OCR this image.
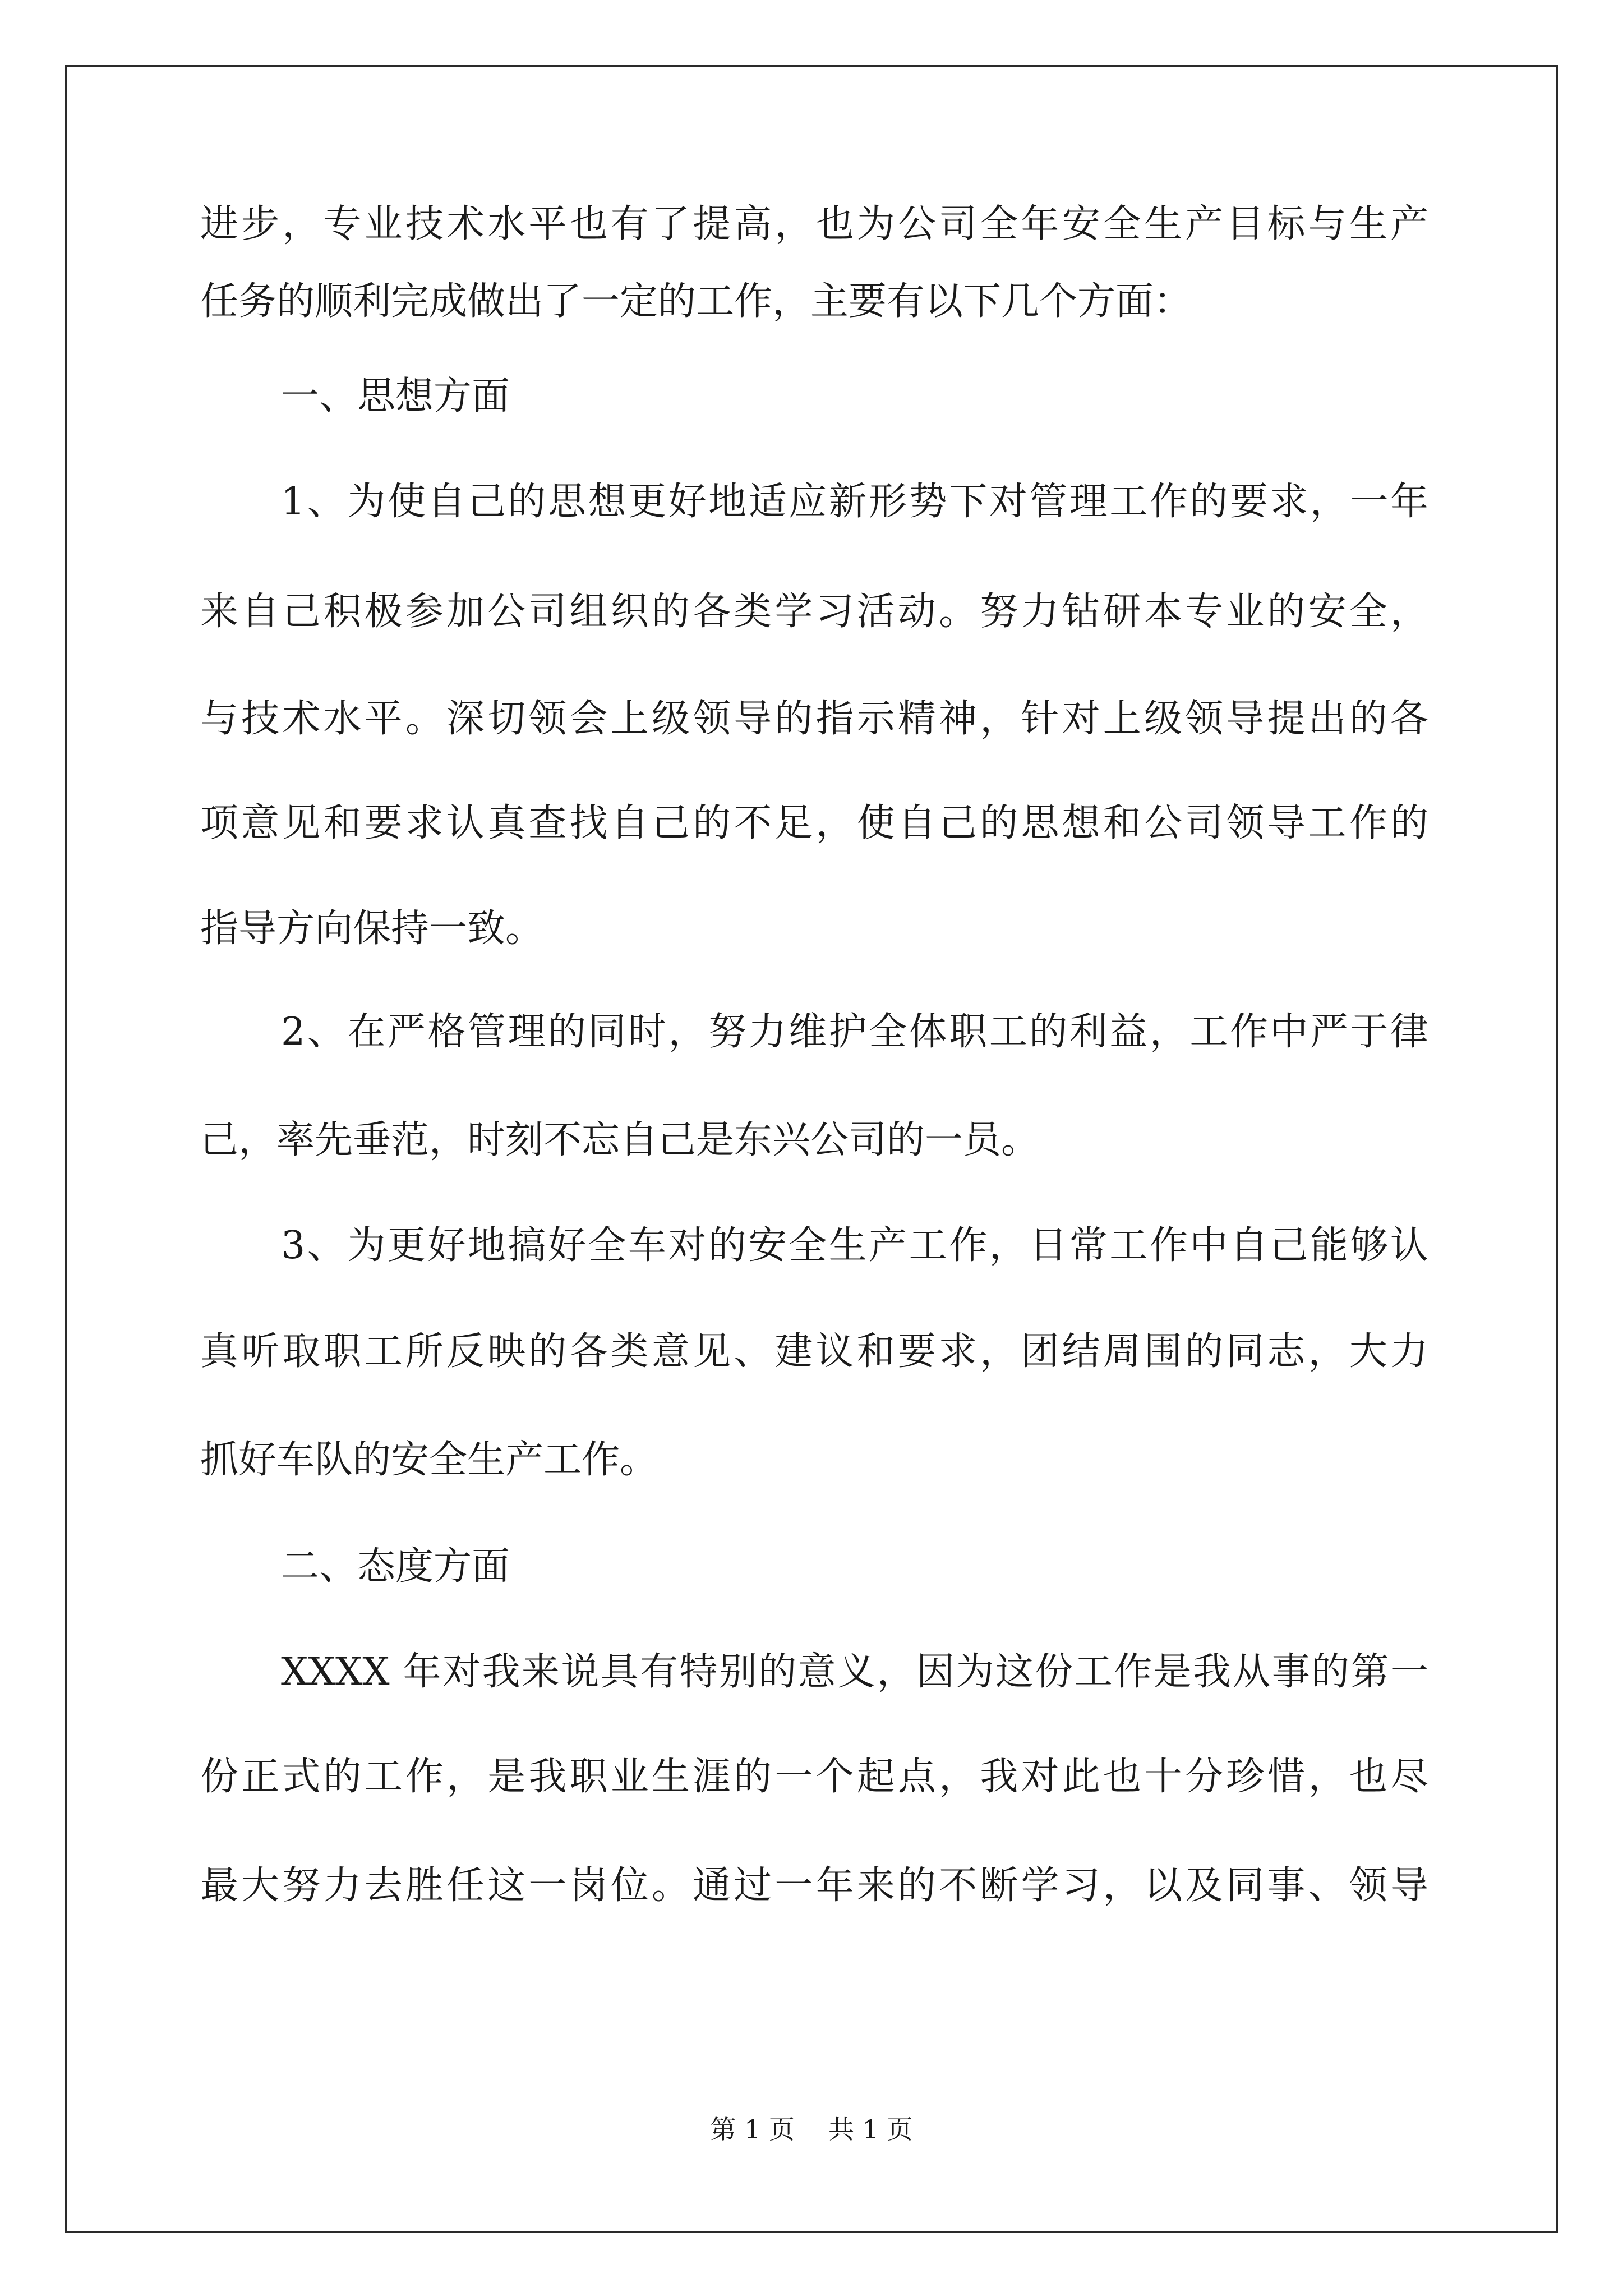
进步，专业技术水平也有了提高，也为公司全年安全生产目标与生产
任务的顺利完成做出了一定的工作，主要有以下几个方面：
一、思想方面
1、为使自己的思想更好地适应新形势下对管理工作的要求，一年
来自己积极参加公司组织的各类学习活动。努力钻研本专业的安全，
与技术水平。深切领会上级领导的指示精神，针对上级领导提出的各
项意见和要求认真查找自己的不足，使自己的思想和公司领导工作的
指导方向保持一致。
2、在严格管理的同时，努力维护全体职工的利益，工作中严于律
己，率先垂范，时刻不忘自己是东兴公司的一员。
3、为更好地搞好全车对的安全生产工作，日常工作中自己能够认
真听取职工所反映的各类意见、建议和要求，团结周围的同志，大力
抓好车队的安全生产工作。
二、态度方面
XXXX 年对我来说具有特别的意义，因为这份工作是我从事的第一
份正式的工作，是我职业生涯的一个起点，我对此也十分珍惜，也尽
最大努力去胜任这一岗位。通过一年来的不断学习，以及同事、领导
第 1 页 共 1 页
